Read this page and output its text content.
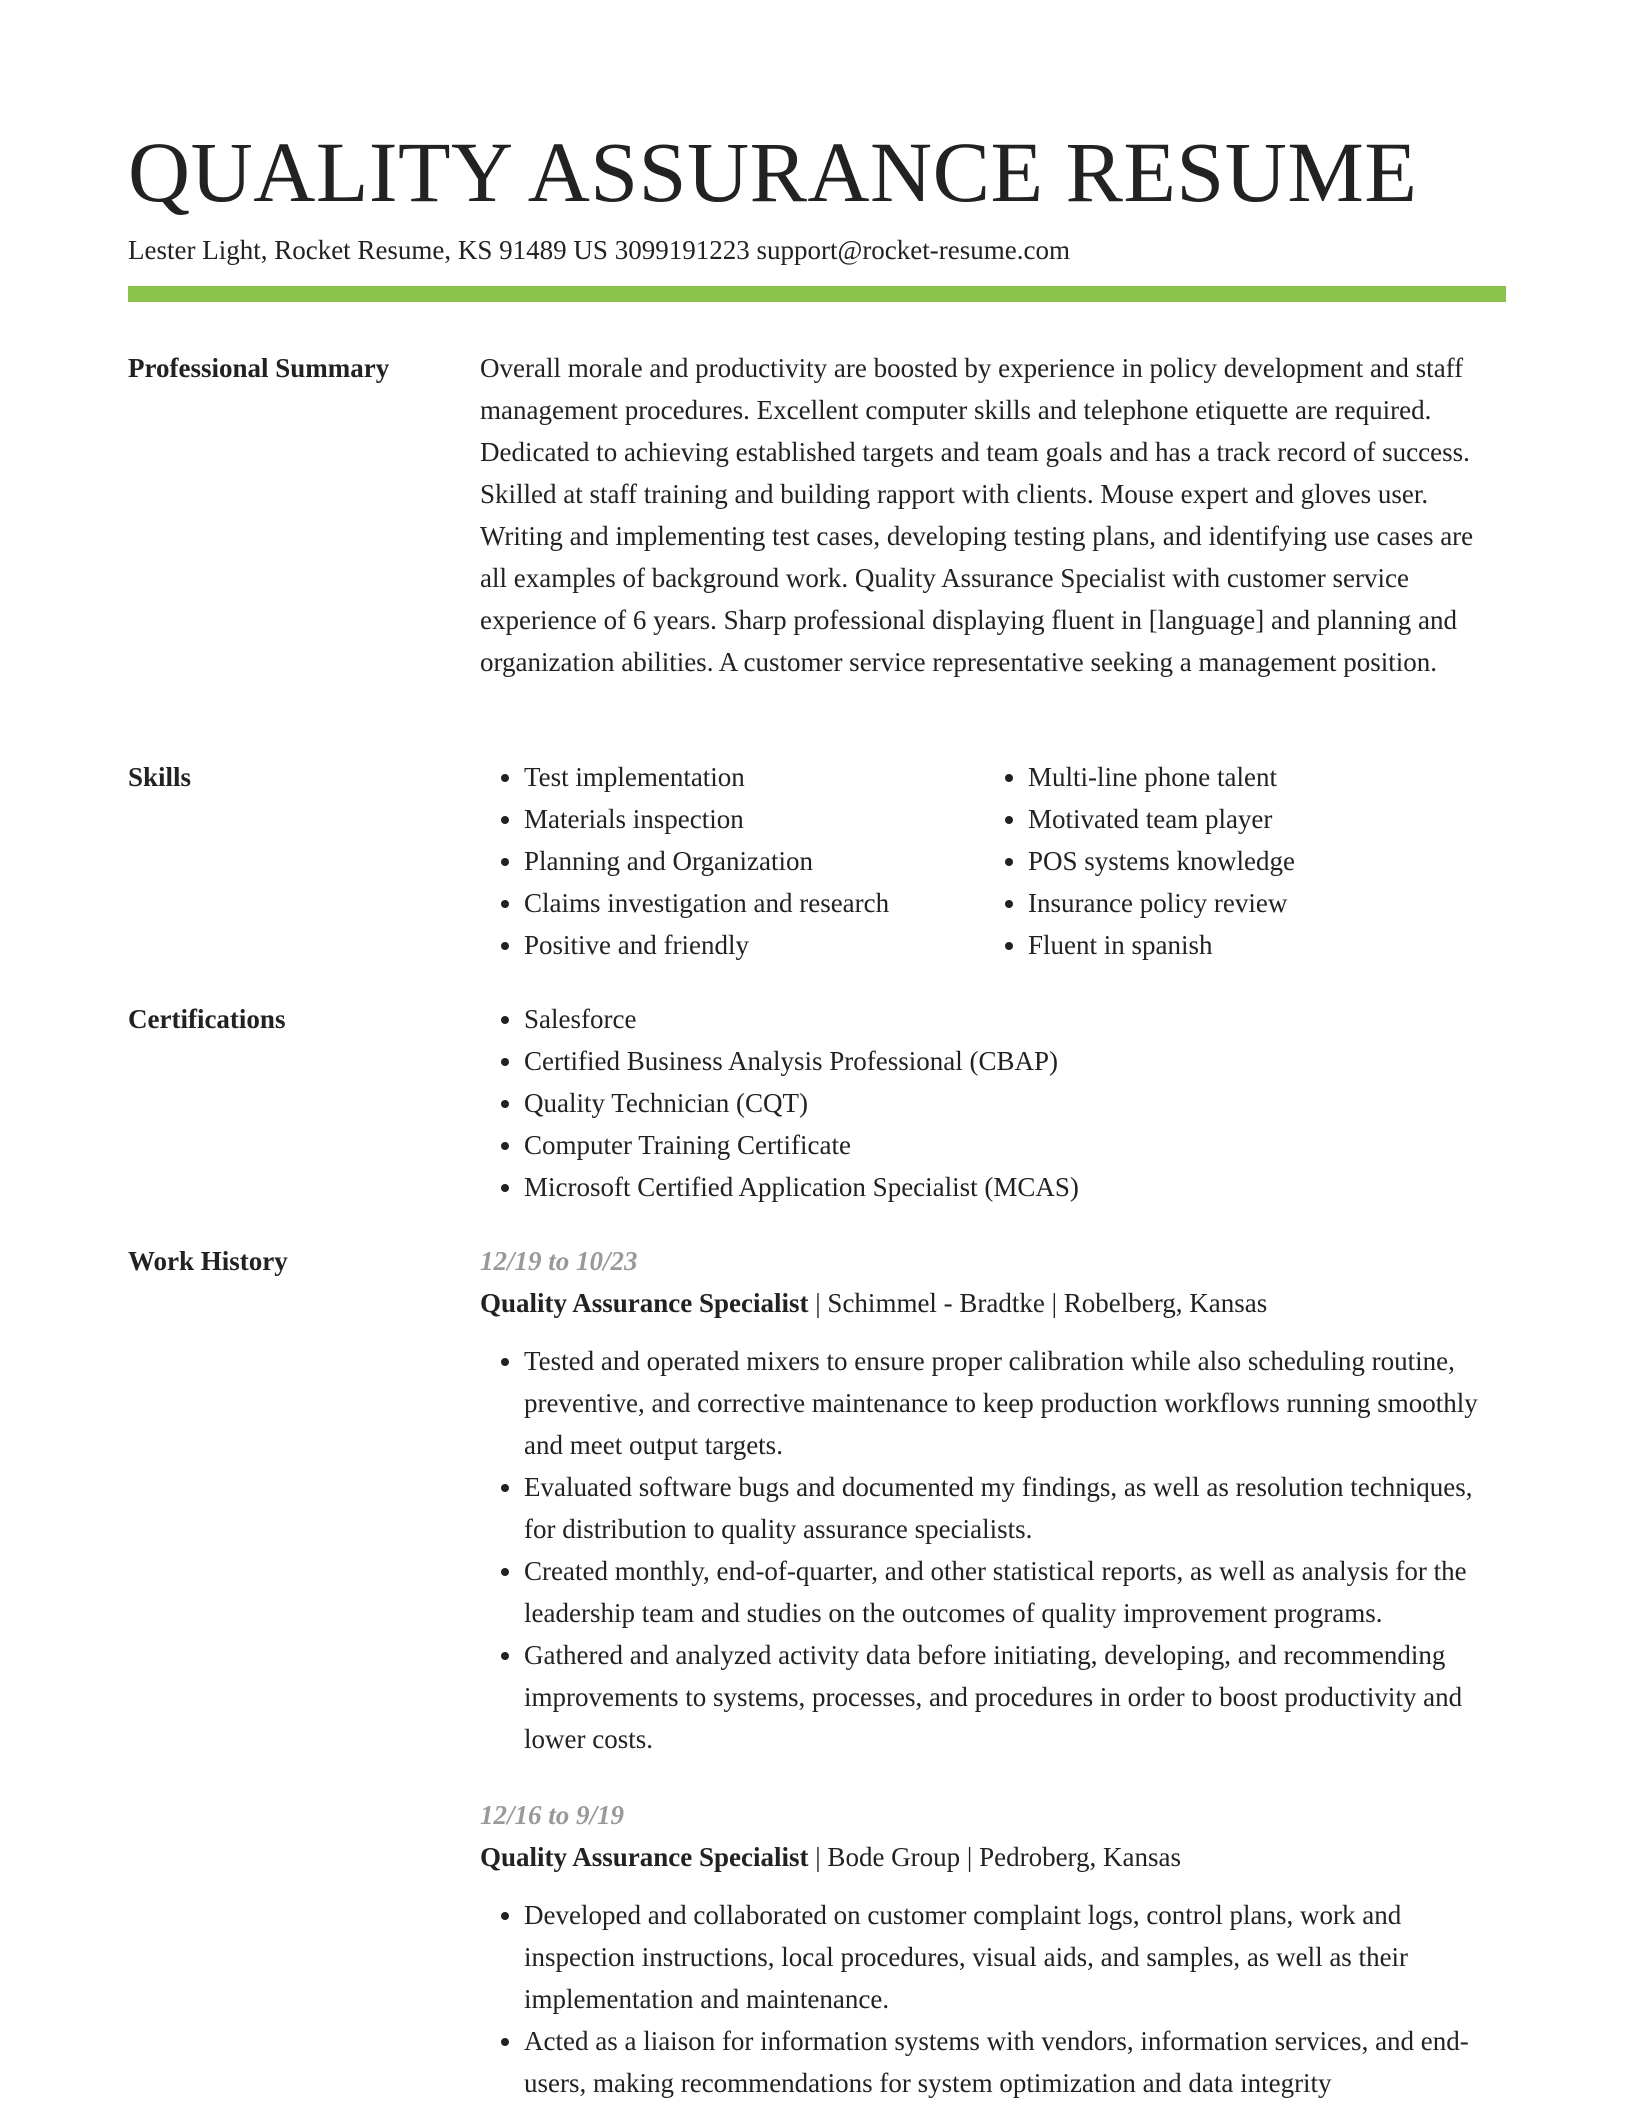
QUALITY ASSURANCE RESUME
Lester Light, Rocket Resume, KS 91489 US 3099191223 support@rocket-resume.com
Professional Summary	Overall morale and productivity are boosted by experience in policy development and staff management procedures. Excellent computer skills and telephone etiquette are required. Dedicated to achieving established targets and team goals and has a track record of success. Skilled at staff training and building rapport with clients. Mouse expert and gloves user. Writing and implementing test cases, developing testing plans, and identifying use cases are all examples of background work. Quality Assurance Specialist with customer service experience of 6 years. Sharp professional displaying fluent in [language] and planning and organization abilities. A customer service representative seeking a management position.

Skills	• Test implementation
• Materials inspection
• Planning and Organization
• Claims investigation and research
• Positive and friendly
• Multi-line phone talent
• Motivated team player
• POS systems knowledge
• Insurance policy review
• Fluent in spanish
Certifications	• Salesforce
• Certified Business Analysis Professional (CBAP)
• Quality Technician (CQT)
• Computer Training Certificate
• Microsoft Certified Application Specialist (MCAS)
Work History	12/19 to 10/23
Quality Assurance Specialist | Schimmel - Bradtke | Robelberg, Kansas
• Tested and operated mixers to ensure proper calibration while also scheduling routine, preventive, and corrective maintenance to keep production workflows running smoothly and meet output targets.
• Evaluated software bugs and documented my findings, as well as resolution techniques, for distribution to quality assurance specialists.
• Created monthly, end-of-quarter, and other statistical reports, as well as analysis for the leadership team and studies on the outcomes of quality improvement programs.
• Gathered and analyzed activity data before initiating, developing, and recommending improvements to systems, processes, and procedures in order to boost productivity and lower costs.
12/16 to 9/19
Quality Assurance Specialist | Bode Group | Pedroberg, Kansas
• Developed and collaborated on customer complaint logs, control plans, work and inspection instructions, local procedures, visual aids, and samples, as well as their implementation and maintenance.
• Acted as a liaison for information systems with vendors, information services, and end-users, making recommendations for system optimization and data integrity
